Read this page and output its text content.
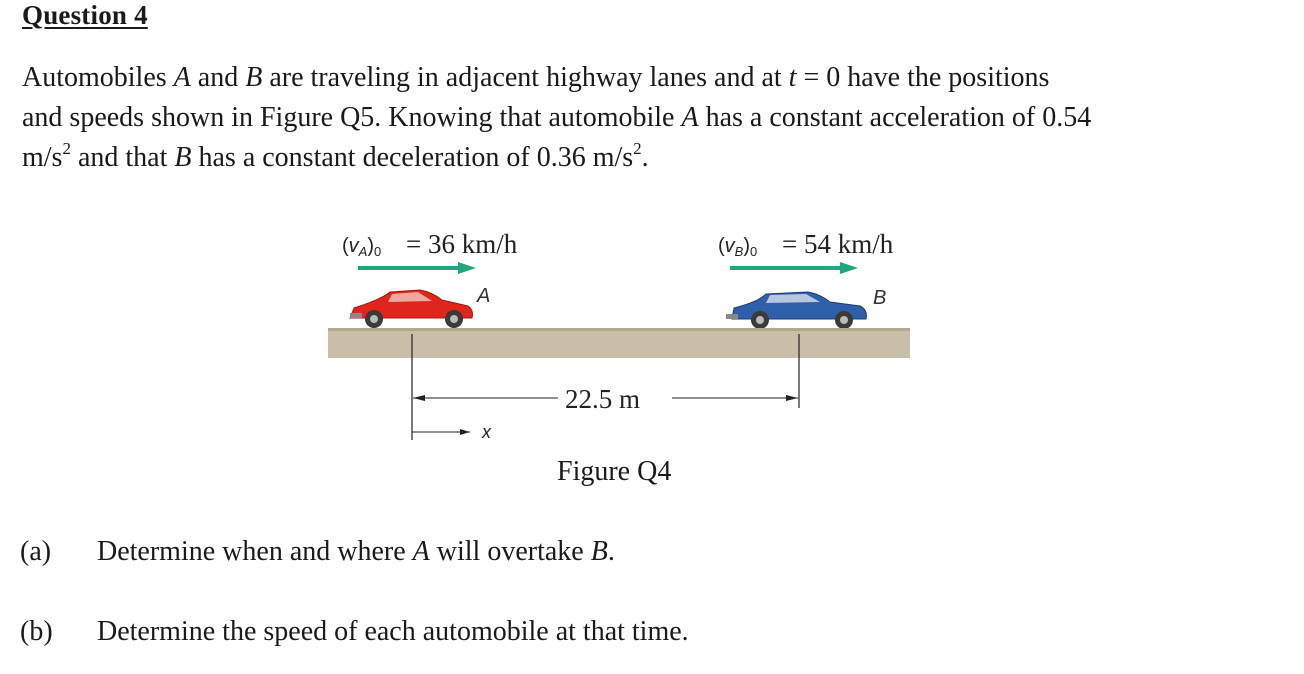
Question 4
Automobiles A and B are traveling in adjacent highway lanes and at t = 0 have the positions
and speeds shown in Figure Q5. Knowing that automobile A has a constant acceleration of 0.54
$m/s^2$ and that B has a constant deceleration of 0.36 $m/s^2$.
$(v_A)_0 = 36$ km/h	$(v_B)_0 = 54$ km/h
A	B
22.5 m
x
Figure Q4
(a) Determine when and where A will overtake B.
(b) Determine the speed of each automobile at that time.
